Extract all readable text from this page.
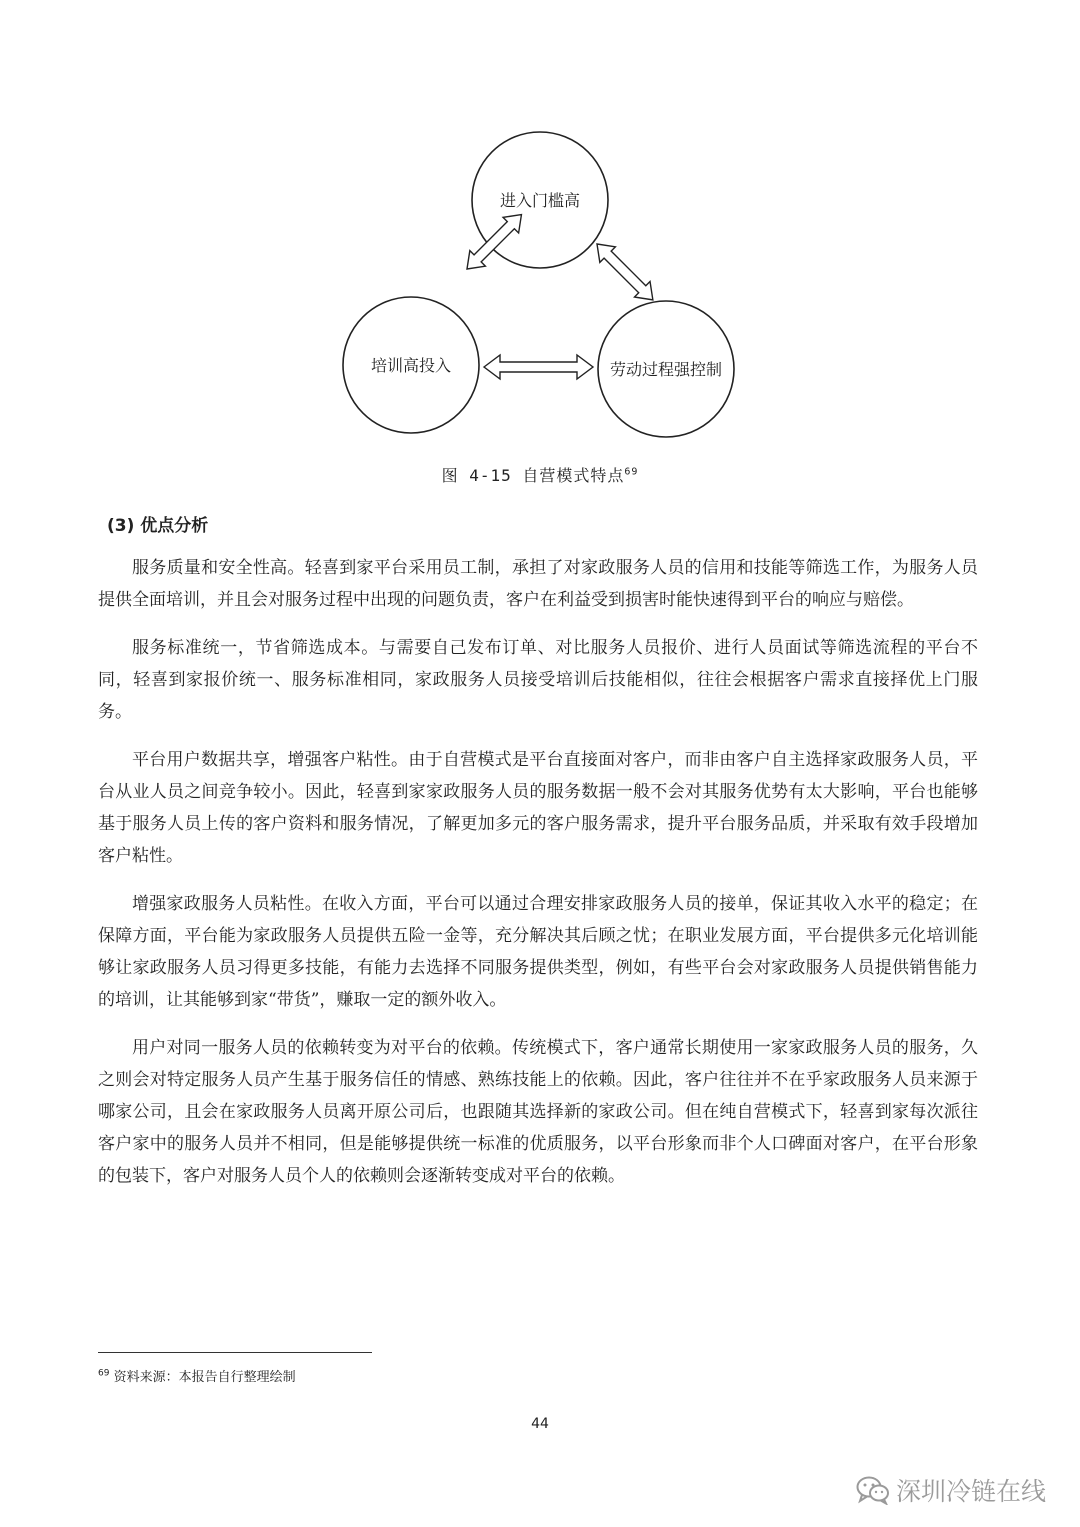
进入门槛高
培训高投入	劳动过程强控制
图 4-15 自营模式特点$^{69}$
(3) 优点分析

服务质量和安全性高。轻喜到家平台采用员工制，承担了对家政服务人员的信用和技能等筛选工作，为服务人员提供全面培训，并且会对服务过程中出现的问题负责，客户在利益受到损害时能快速得到平台的响应与赔偿。

服务标准统一，节省筛选成本。与需要自己发布订单、对比服务人员报价、进行人员面试等筛选流程的平台不同，轻喜到家报价统一、服务标准相同，家政服务人员接受培训后技能相似，往往会根据客户需求直接择优上门服务。

平台用户数据共享，增强客户粘性。由于自营模式是平台直接面对客户，而非由客户自主选择家政服务人员，平台从业人员之间竞争较小。因此，轻喜到家家政服务人员的服务数据一般不会对其服务优势有太大影响，平台也能够基于服务人员上传的客户资料和服务情况，了解更加多元的客户服务需求，提升平台服务品质，并采取有效手段增加客户粘性。

增强家政服务人员粘性。在收入方面，平台可以通过合理安排家政服务人员的接单，保证其收入水平的稳定；在保障方面，平台能为家政服务人员提供五险一金等，充分解决其后顾之忧；在职业发展方面，平台提供多元化培训能够让家政服务人员习得更多技能，有能力去选择不同服务提供类型，例如，有些平台会对家政服务人员提供销售能力的培训，让其能够到家“带货”，赚取一定的额外收入。

用户对同一服务人员的依赖转变为对平台的依赖。传统模式下，客户通常长期使用一家家政服务人员的服务，久之则会对特定服务人员产生基于服务信任的情感、熟练技能上的依赖。因此，客户往往并不在乎家政服务人员来源于哪家公司，且会在家政服务人员离开原公司后，也跟随其选择新的家政公司。但在纯自营模式下，轻喜到家每次派往客户家中的服务人员并不相同，但是能够提供统一标准的优质服务，以平台形象而非个人口碑面对客户，在平台形象的包装下，客户对服务人员个人的依赖则会逐渐转变成对平台的依赖。

$^{69}$ 资料来源：本报告自行整理绘制
44
深圳冷链在线
